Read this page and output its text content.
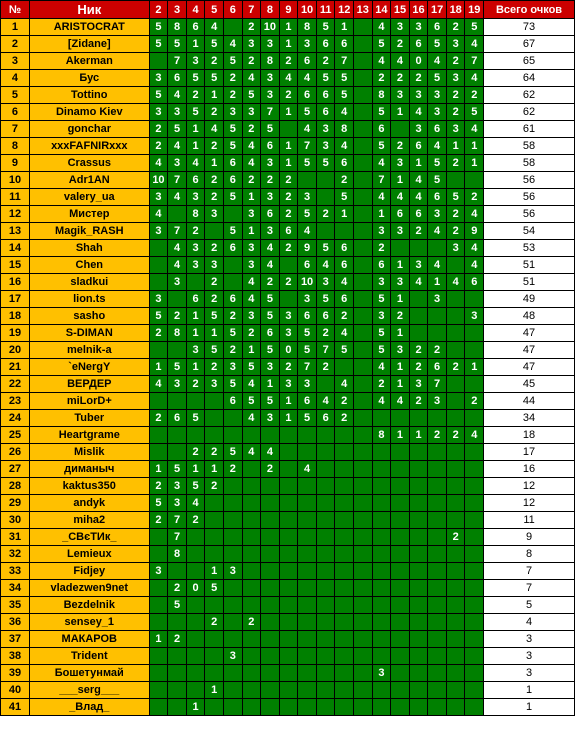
№	Ник	2	3	4	5	6	7	8	9	10	11	12	13	14	15	16	17	18	19	Всего очков
1	ARISTOCRAT	5	8	6	4		2	10	1	8	5	1		4	3	3	6	2	5	73
2	[Zidane]	5	5	1	5	4	3	3	1	3	6	6		5	2	6	5	3	4	67
3	Akerman		7	3	2	5	2	8	2	6	2	7		4	4	0	4	2	7	65
4	Бус	3	6	5	5	2	4	3	4	4	5	5		2	2	2	5	3	4	64
5	Tottino	5	4	2	1	2	5	3	2	6	6	5		8	3	3	3	2	2	62
6	Dinamo Kiev	3	3	5	2	3	3	7	1	5	6	4		5	1	4	3	2	5	62
7	gonchar	2	5	1	4	5	2	5		4	3	8		6		3	6	3	4	61
8	xxxFAFNIRxxx	2	4	1	2	5	4	6	1	7	3	4		5	2	6	4	1	1	58
9	Crassus	4	3	4	1	6	4	3	1	5	5	6		4	3	1	5	2	1	58
10	Adr1AN	10	7	6	2	6	2	2	2			2		7	1	4	5			56
11	valery_ua	3	4	3	2	5	1	3	2	3		5		4	4	4	6	5	2	56
12	Мистер	4		8	3		3	6	2	5	2	1		1	6	6	3	2	4	56
13	Magik_RASH	3	7	2		5	1	3	6	4				3	3	2	4	2	9	54
14	Shah		4	3	2	6	3	4	2	9	5	6		2				3	4	53
15	Chen		4	3	3		3	4		6	4	6		6	1	3	4		4	51
16	sladkui		3		2		4	2	2	10	3	4		3	3	4	1	4	6	51
17	lion.ts	3		6	2	6	4	5		3	5	6		5	1		3			49
18	sasho	5	2	1	5	2	3	5	3	6	6	2		3	2				3	48
19	S-DIMAN	2	8	1	1	5	2	6	3	5	2	4		5	1					47
20	melnik-a			3	5	2	1	5	0	5	7	5		5	3	2	2			47
21	`eNergY	1	5	1	2	3	5	3	2	7	2			4	1	2	6	2	1	47
22	ВЕРДЕР	4	3	2	3	5	4	1	3	3		4		2	1	3	7			45
23	miLorD+					6	5	5	1	6	4	2		4	4	2	3		2	44
24	Tuber	2	6	5			4	3	1	5	6	2								34
25	Heartgrame													8	1	1	2	2	4	18
26	Mislik			2	2	5	4	4												17
27	диманыч	1	5	1	1	2		2		4										16
28	kaktus350	2	3	5	2															12
29	andyk	5	3	4																12
30	miha2	2	7	2																11
31	_СВєТИк_		7															2		9
32	Lemieux		8																	8
33	Fidjey	3			1	3														7
34	vladezwen9net		2	0	5															7
35	Bezdelnik		5																	5
36	sensey_1				2		2													4
37	МАКАРОВ	1	2																	3
38	Trident					3														3
39	Бошетунмай													3						3
40	___serg___				1															1
41	_Влад_			1																1
